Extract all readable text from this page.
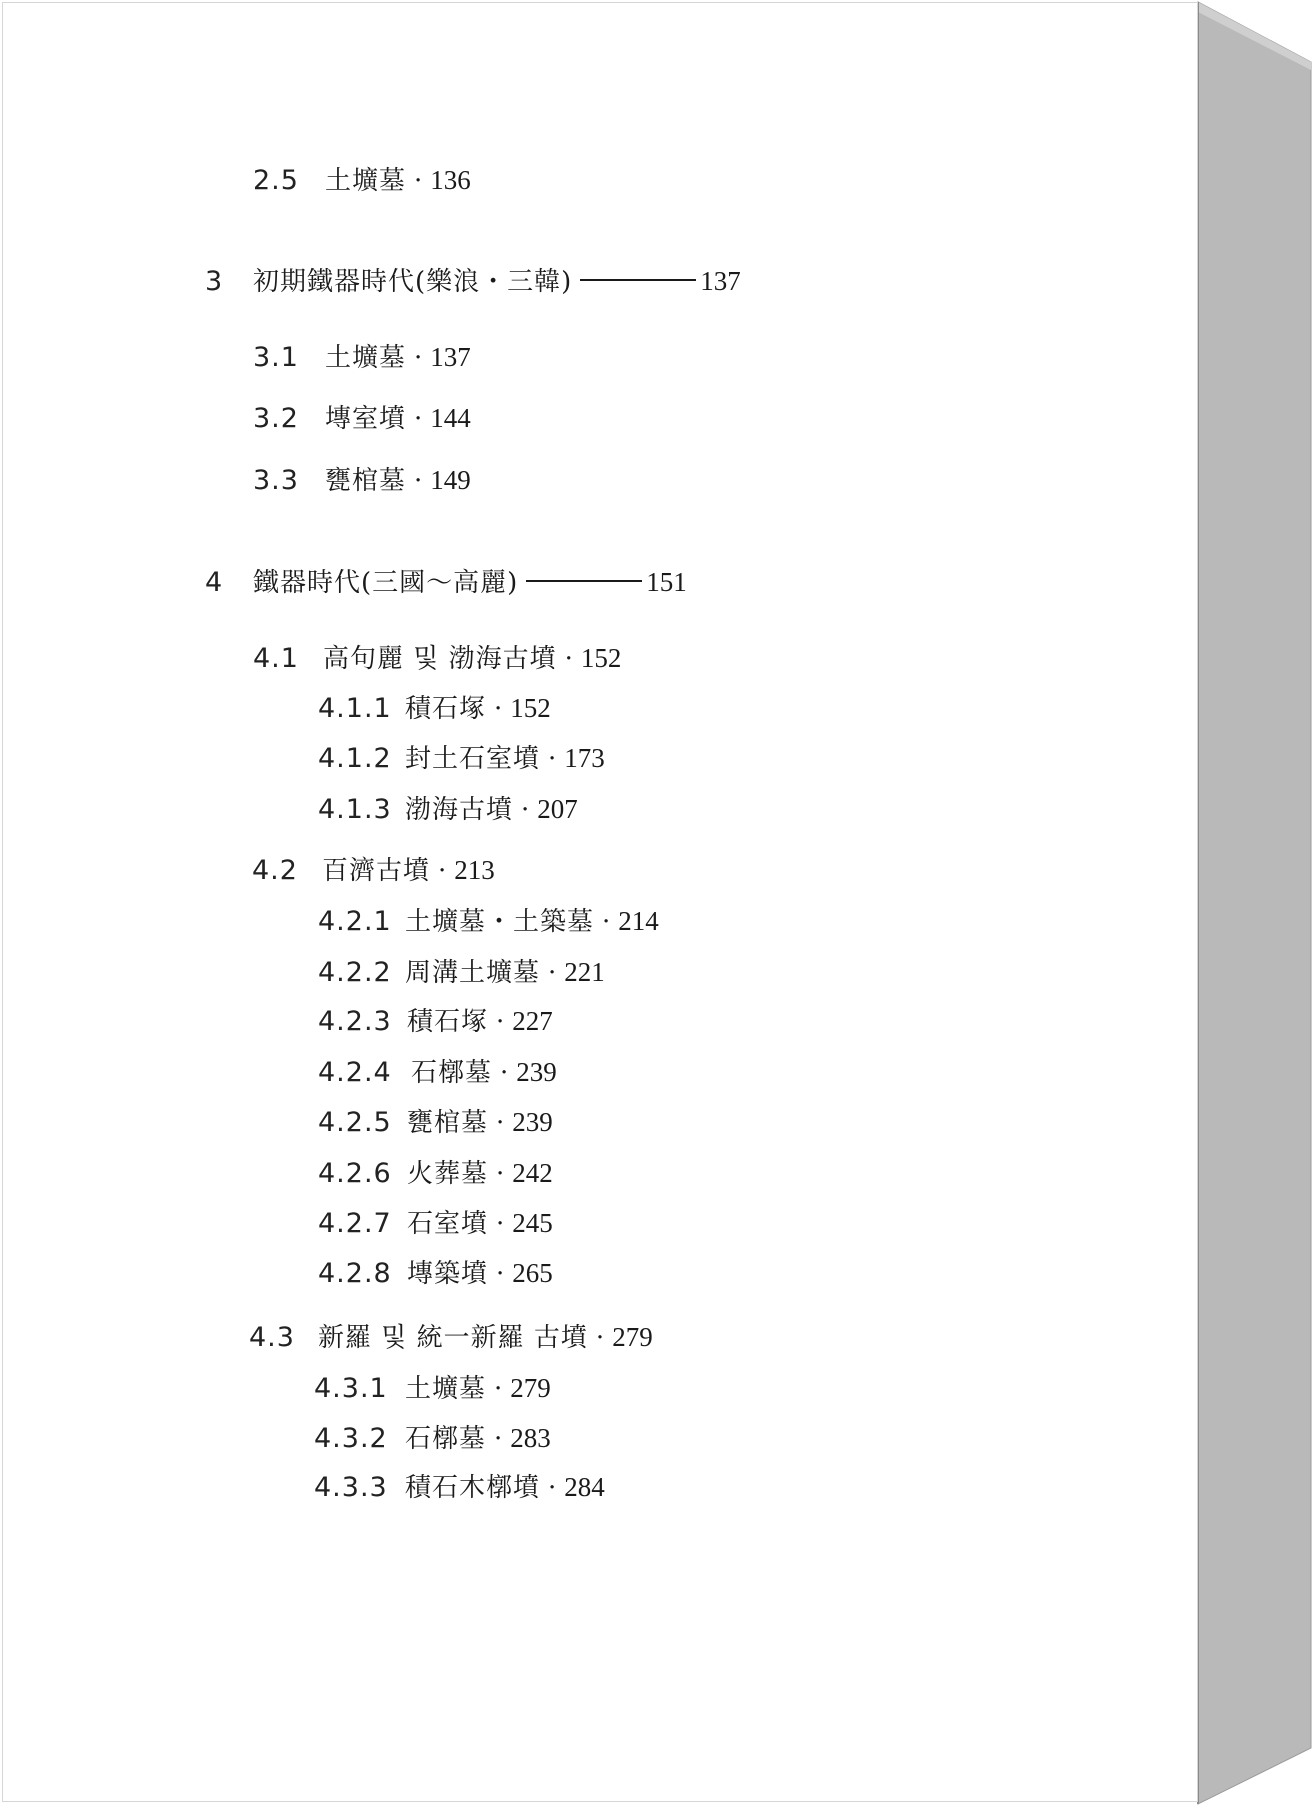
2.5	土壙墓 · 136
3	初期鐵器時代(樂浪・三韓)	137
3.1	土壙墓 · 137
3.2	塼室墳 · 144
3.3	甕棺墓 · 149
4	鐵器時代(三國～高麗)	151
4.1 高句麗 및 渤海古墳 · 152
4.1.1 積石塚 · 152
4.1.2 封土石室墳 · 173
4.1.3 渤海古墳 · 207
4.2 百濟古墳 · 213
4.2.1 土壙墓・土築墓 · 214
4.2.2 周溝土壙墓 · 221
4.2.3 積石塚 · 227
4.2.4 石槨墓 · 239
4.2.5 甕棺墓 · 239
4.2.6 火葬墓 · 242
4.2.7 石室墳 · 245
4.2.8 塼築墳 · 265
4.3 新羅 및 統一新羅 古墳 · 279
4.3.1 土壙墓 · 279
4.3.2 石槨墓 · 283
4.3.3 積石木槨墳 · 284
